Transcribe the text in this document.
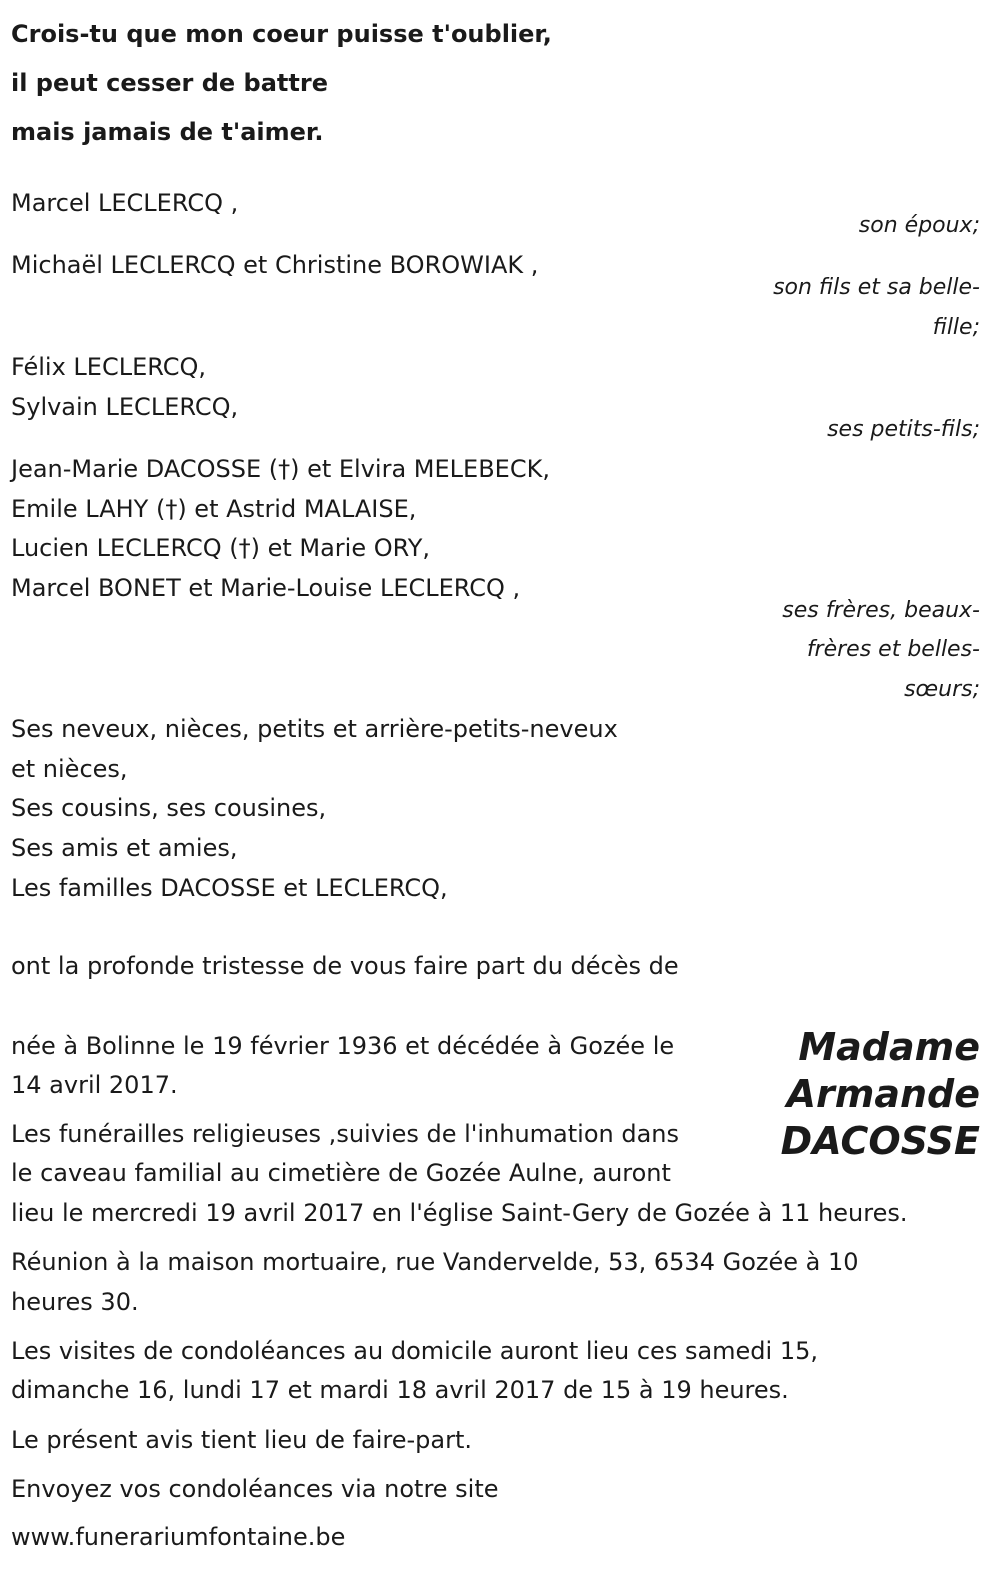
Crois-tu que mon coeur puisse t'oublier,
il peut cesser de battre
mais jamais de t'aimer.
Marcel LECLERCQ ,
son époux;
Michaël LECLERCQ et Christine BOROWIAK ,
son fils et sa belle-
fille;
Félix LECLERCQ,
Sylvain LECLERCQ,
ses petits-fils;
Jean-Marie DACOSSE (†) et Elvira MELEBECK,
Emile LAHY (†) et Astrid MALAISE,
Lucien LECLERCQ (†) et Marie ORY,
Marcel BONET et Marie-Louise LECLERCQ ,
ses frères, beaux-
frères et belles-
sœurs;
Ses neveux, nièces, petits et arrière-petits-neveux
et nièces,
Ses cousins, ses cousines,
Ses amis et amies,
Les familles DACOSSE et LECLERCQ,
ont la profonde tristesse de vous faire part du décès de
Madame
Armande
DACOSSE
née à Bolinne le 19 février 1936 et décédée à Gozée le
14 avril 2017.
Les funérailles religieuses ,suivies de l'inhumation dans
le caveau familial au cimetière de Gozée Aulne, auront
lieu le mercredi 19 avril 2017 en l'église Saint-Gery de Gozée à 11 heures.
Réunion à la maison mortuaire, rue Vandervelde, 53, 6534 Gozée à 10
heures 30.
Les visites de condoléances au domicile auront lieu ces samedi 15,
dimanche 16, lundi 17 et mardi 18 avril 2017 de 15 à 19 heures.
Le présent avis tient lieu de faire-part.
Envoyez vos condoléances via notre site
www.funerariumfontaine.be
